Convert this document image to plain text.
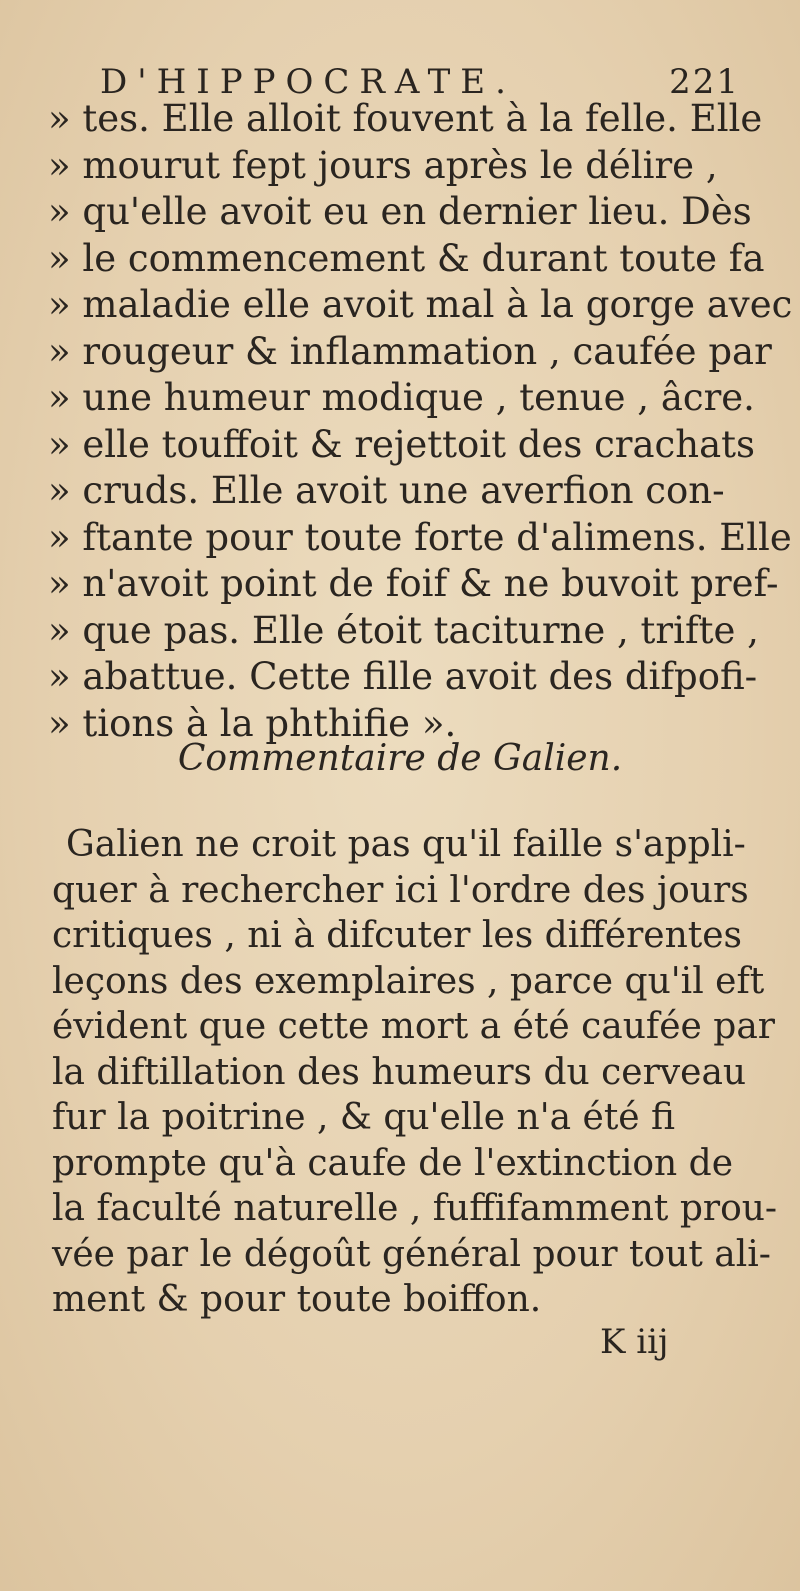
D'HIPPOCRATE.	221
» tes. Elle alloit fouvent à la felle. Elle
» mourut fept jours après le délire ,
» qu'elle avoit eu en dernier lieu. Dès
» le commencement & durant toute fa
» maladie elle avoit mal à la gorge avec
» rougeur & inflammation , caufée par
» une humeur modique , tenue , âcre.
» elle touffoit & rejettoit des crachats
» cruds. Elle avoit une averfion con-
» ftante pour toute forte d'alimens. Elle
» n'avoit point de foif & ne buvoit pref-
» que pas. Elle étoit taciturne , trifte ,
» abattue. Cette fille avoit des difpofi-
» tions à la phthifie ».
Commentaire de Galien.
Galien ne croit pas qu'il faille s'appli-
quer à rechercher ici l'ordre des jours
critiques , ni à difcuter les différentes
leçons des exemplaires , parce qu'il eft
évident que cette mort a été caufée par
la diftillation des humeurs du cerveau
fur la poitrine , & qu'elle n'a été fi
prompte qu'à caufe de l'extinction de
la faculté naturelle , fuffifamment prou-
vée par le dégoût général pour tout ali-
ment & pour toute boiffon.
K iij
